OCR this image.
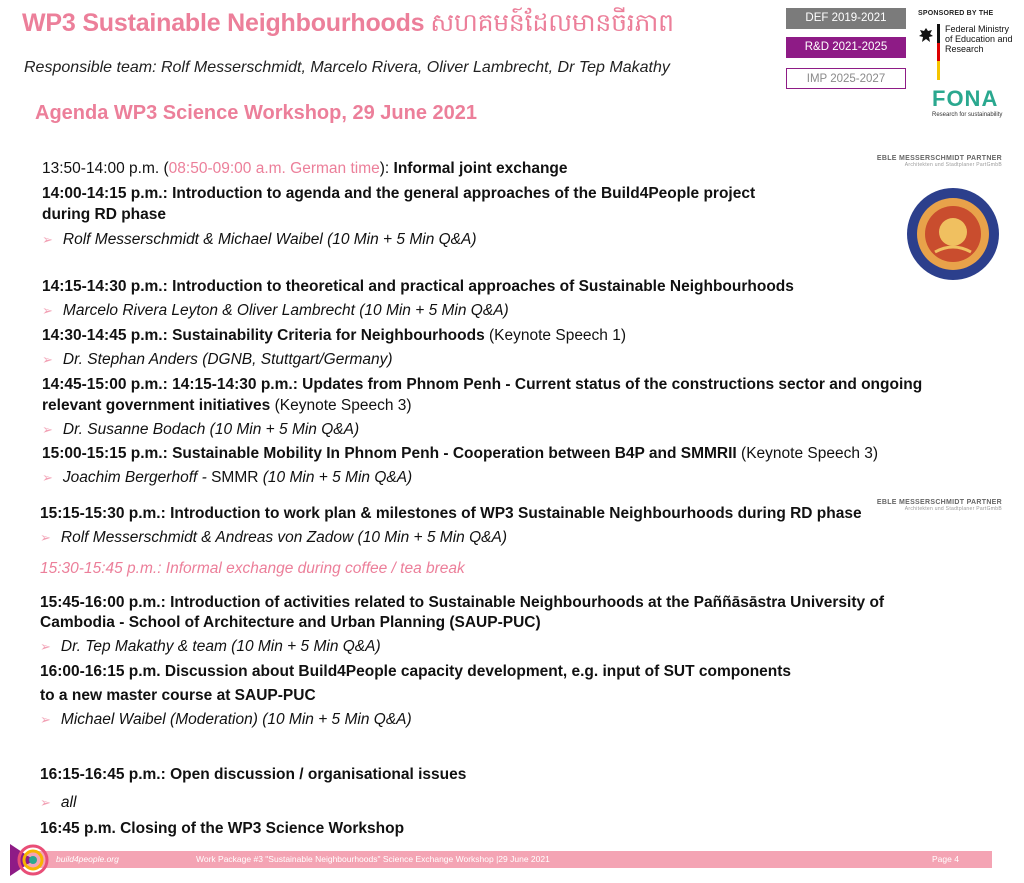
WP3 Sustainable Neighbourhoods សហគមន៍ដែលមានចីរភាព
Responsible team: Rolf Messerschmidt, Marcelo Rivera, Oliver Lambrecht, Dr Tep Makathy
DEF 2019-2021
R&D 2021-2025
IMP 2025-2027
SPONSORED BY THE
Federal Ministry of Education and Research
FONA
Research for sustainability
Agenda WP3 Science Workshop, 29 June 2021
EBLE MESSERSCHMIDT PARTNER
Architekten und Stadtplaner PartGmbB
EBLE MESSERSCHMIDT PARTNER
Architekten und Stadtplaner PartGmbB
13:50-14:00 p.m. (08:50-09:00 a.m. German time): Informal joint exchange
14:00-14:15 p.m.: Introduction to agenda and the general approaches of the Build4People project
during RD phase
➢ Rolf Messerschmidt & Michael Waibel (10 Min + 5 Min Q&A)
14:15-14:30 p.m.: Introduction to theoretical and practical approaches of Sustainable Neighbourhoods
➢ Marcelo Rivera Leyton & Oliver Lambrecht (10 Min + 5 Min Q&A)
14:30-14:45 p.m.: Sustainability Criteria for Neighbourhoods (Keynote Speech 1)
➢ Dr. Stephan Anders (DGNB, Stuttgart/Germany)
14:45-15:00 p.m.: 14:15-14:30 p.m.: Updates from Phnom Penh - Current status of the constructions sector and ongoing
relevant government initiatives (Keynote Speech 3)
➢ Dr. Susanne Bodach (10 Min + 5 Min Q&A)
15:00-15:15 p.m.: Sustainable Mobility In Phnom Penh - Cooperation between B4P and SMMRII (Keynote Speech 3)
➢ Joachim Bergerhoff - SMMR (10 Min + 5 Min Q&A)
15:15-15:30 p.m.: Introduction to work plan & milestones of WP3 Sustainable Neighbourhoods during RD phase
➢ Rolf Messerschmidt & Andreas von Zadow (10 Min + 5 Min Q&A)
15:30-15:45 p.m.: Informal exchange during coffee / tea break
15:45-16:00 p.m.: Introduction of activities related to Sustainable Neighbourhoods at the Paññāsāstra University of
Cambodia - School of Architecture and Urban Planning (SAUP-PUC)
➢ Dr. Tep Makathy & team (10 Min + 5 Min Q&A)
16:00-16:15 p.m. Discussion about Build4People capacity development, e.g. input of SUT components
to a new master course at SAUP-PUC
➢ Michael Waibel (Moderation) (10 Min + 5 Min Q&A)
16:15-16:45 p.m.: Open discussion / organisational issues
➢ all
16:45 p.m. Closing of the WP3 Science Workshop
build4people.org	Work Package #3 "Sustainable Neighbourhoods" Science Exchange Workshop |29 June 2021	Page 4
